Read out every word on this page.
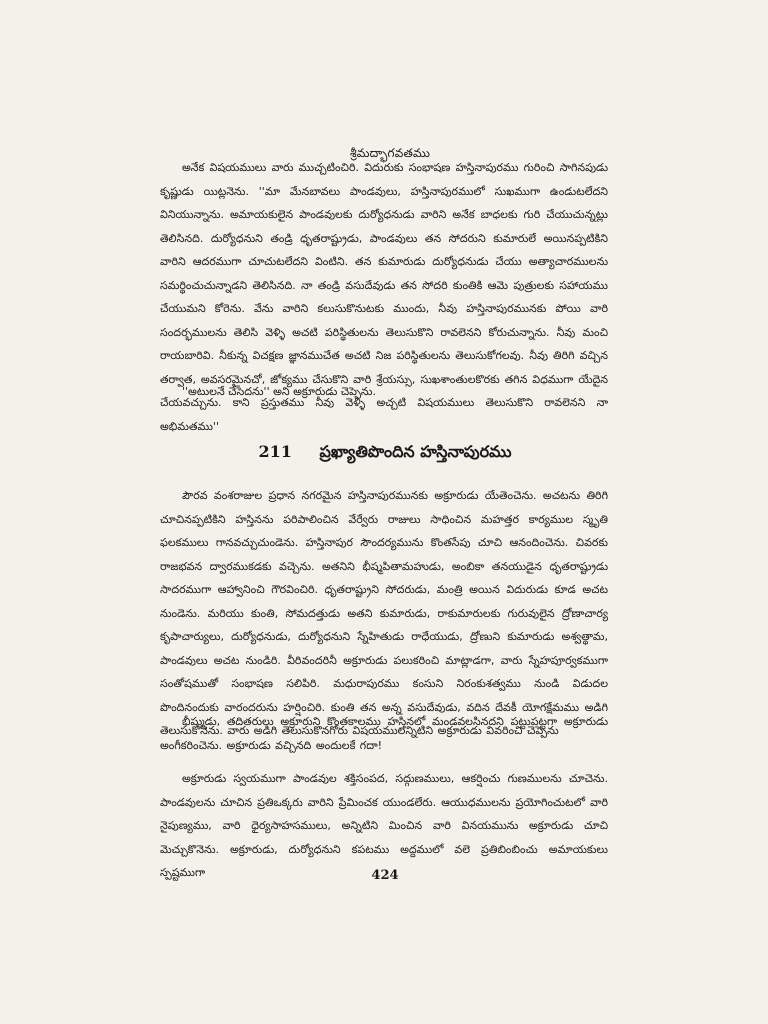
శ్రీమద్భాగవతము

అనేక విషయములు వారు ముచ్చటించిరి. విదురుకు సంభాషణ హస్తినాపురము గురించి సాగినపుడు కృష్ణుడు యిట్లనెను. ''మా మేనబావలు పాండవులు, హస్తినాపురములో సుఖముగా ఉండుటలేదని వినియున్నాను. అమాయకులైన పాండవులకు దుర్యోధనుడు వారిని అనేక బాధలకు గురి చేయుచున్నట్లు తెలిసినది. దుర్యోధనుని తండ్రి ధృతరాష్ట్రుడు, పాండవులు తన సోదరుని కుమారులే అయినప్పటికిని వారిని ఆదరముగా చూచుటలేదని వింటిని. తన కుమారుడు దుర్యోధనుడు చేయు అత్యాచారములను సమర్థించుచున్నాడని తెలిసినది. నా తండ్రి వసుదేవుడు తన సోదరి కుంతికి ఆమె పుత్రులకు సహాయము చేయుమని కోరెను. వేను వారిని కలుసుకొనుటకు ముందు, నీవు హస్తినాపురమునకు పోయి వారి సందర్భములను తెలిసి వెళ్ళి అచటి పరిస్థితులను తెలుసుకొని రావలెనని కోరుచున్నాను. నీవు మంచి రాయబారివి. నీకున్న విచక్షణ జ్ఞానముచేత అచటి నిజ పరిస్థితులను తెలుసుకోగలవు. నీవు తిరిగి వచ్చిన తర్వాత, అవసరమైనచో, జోక్యము చేసుకొని వారి శ్రేయస్సు, సుఖశాంతులకొరకు తగిన విధముగా యేదైన చేయవచ్చును. కాని ప్రస్తుతము నీవు వెళ్ళి అచ్చటి విషయములు తెలుసుకొని రావలెనని నా అభిమతము''

''అటులనే చేసెదను'' అని అక్రూరుడు చెప్పెను.
211 ప్రఖ్యాతిపొందిన హస్తినాపురము

పౌరవ వంశరాజుల ప్రధాన నగరమైన హస్తినాపురమునకు అక్రూరుడు యేతెంచెను. అచటను తిరిగి చూచినప్పటికిని హస్తినను పరిపాలించిన వేర్వేరు రాజులు సాధించిన మహత్తర కార్యముల స్మృతి ఫలకములు గానవచ్చుచుండెను. హస్తినాపుర సౌందర్యమును కొంతసేపు చూచి ఆనందించెను. చివరకు రాజభవన ద్వారముకడకు వచ్చెను. అతనిని భీష్మపితామహుడు, అంబికా తనయుడైన ధృతరాష్ట్రుడు సాదరముగా ఆహ్వానించి గౌరవించిరి. ధృతరాష్ట్రుని సోదరుడు, మంత్రి అయిన విదురుడు కూడ అచట నుండెను. మరియు కుంతి, సోమదత్తుడు అతని కుమారుడు, రాకుమారులకు గురువులైన ద్రోణాచార్య కృపాచార్యులు, దుర్యోధనుడు, దుర్యోధనుని స్నేహితుడు రాధేయుడు, ద్రోణుని కుమారుడు అశ్వత్థామ, పాండవులు అచట నుండిరి. వీరివందరినీ అక్రూరుడు పలుకరించి మాట్లాడగా, వారు స్నేహపూర్వకముగా సంతోషముతో సంభాషణ సలిపిరి. మధురాపురము కంసుని నిరంకుశత్వము నుండి విడుదల పొందినందుకు వారందరును హర్షించిరి. కుంతి తన అన్న వసుదేవుడు, వదిన దేవకీ యోగక్షేమము అడిగి తెలుసుకొనెను. వారు అడిగి తెలుసుకొనగోరు విషయములన్నిటిని అక్రూరుడు వివరించి చెప్పెను

భీష్ముడు, తదితరులు అక్రూరుని కొంతకాలము హస్తినలో మండవలసినదని పట్టుపట్టగా అక్రూరుడు అంగీకరించెను. అక్రూరుడు వచ్చినది అందులకే గదా!

అక్రూరుడు స్వయముగా పాండవుల శక్తిసంపద, సద్గుణములు, ఆకర్షించు గుణములను చూచెను. పాండవులను చూచిన ప్రతిఒక్కరు వారిని ప్రేమించక యుండలేరు. ఆయుధములను ప్రయోగించుటలో వారి నైపుణ్యము, వారి ధైర్యసాహసములు, అన్నిటిని మించిన వారి వినయమును అక్రూరుడు చూచి మెచ్చుకొనెను. అక్రూరుడు, దుర్యోధనుని కపటము అద్దములో వలె ప్రతిబింబించు అమాయకులు స్పష్టముగా	424
